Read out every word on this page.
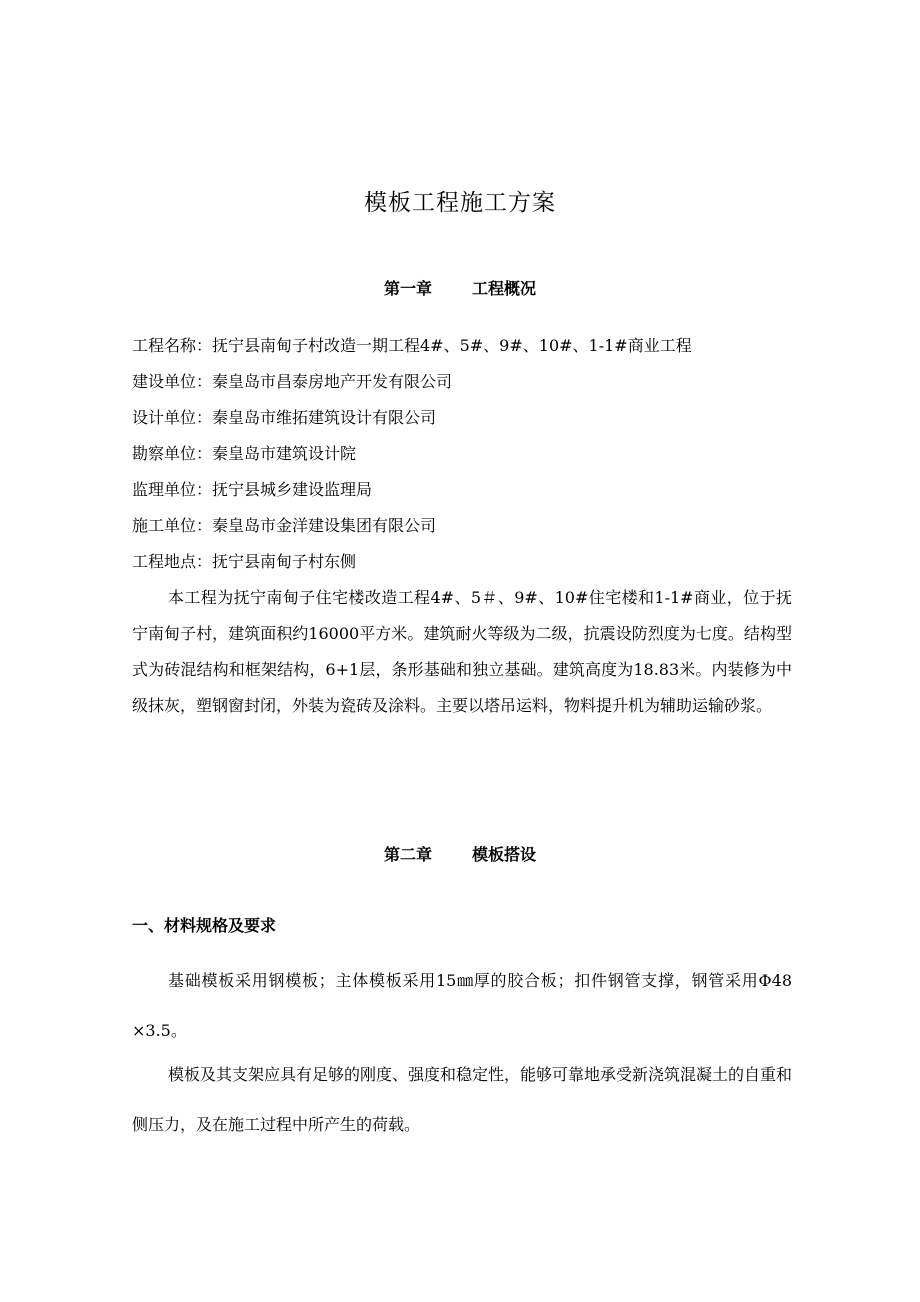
模板工程施工方案
第一章	工程概况
工程名称：抚宁县南甸子村改造一期工程4#、5#、9#、10#、1-1#商业工程
建设单位：秦皇岛市昌泰房地产开发有限公司
设计单位：秦皇岛市维拓建筑设计有限公司
勘察单位：秦皇岛市建筑设计院
监理单位：抚宁县城乡建设监理局
施工单位：秦皇岛市金洋建设集团有限公司
工程地点：抚宁县南甸子村东侧
本工程为抚宁南甸子住宅楼改造工程4#、5＃、9#、10#住宅楼和1-1#商业，位于抚宁南甸子村，建筑面积约16000平方米。建筑耐火等级为二级，抗震设防烈度为七度。结构型式为砖混结构和框架结构，6+1层，条形基础和独立基础。建筑高度为18.83米。内装修为中级抹灰，塑钢窗封闭，外装为瓷砖及涂料。主要以塔吊运料，物料提升机为辅助运输砂浆。
第二章	模板搭设
一、材料规格及要求
基础模板采用钢模板；主体模板采用15㎜厚的胶合板；扣件钢管支撑，钢管采用Φ48 ×3.5。
模板及其支架应具有足够的刚度、强度和稳定性，能够可靠地承受新浇筑混凝土的自重和侧压力，及在施工过程中所产生的荷载。
